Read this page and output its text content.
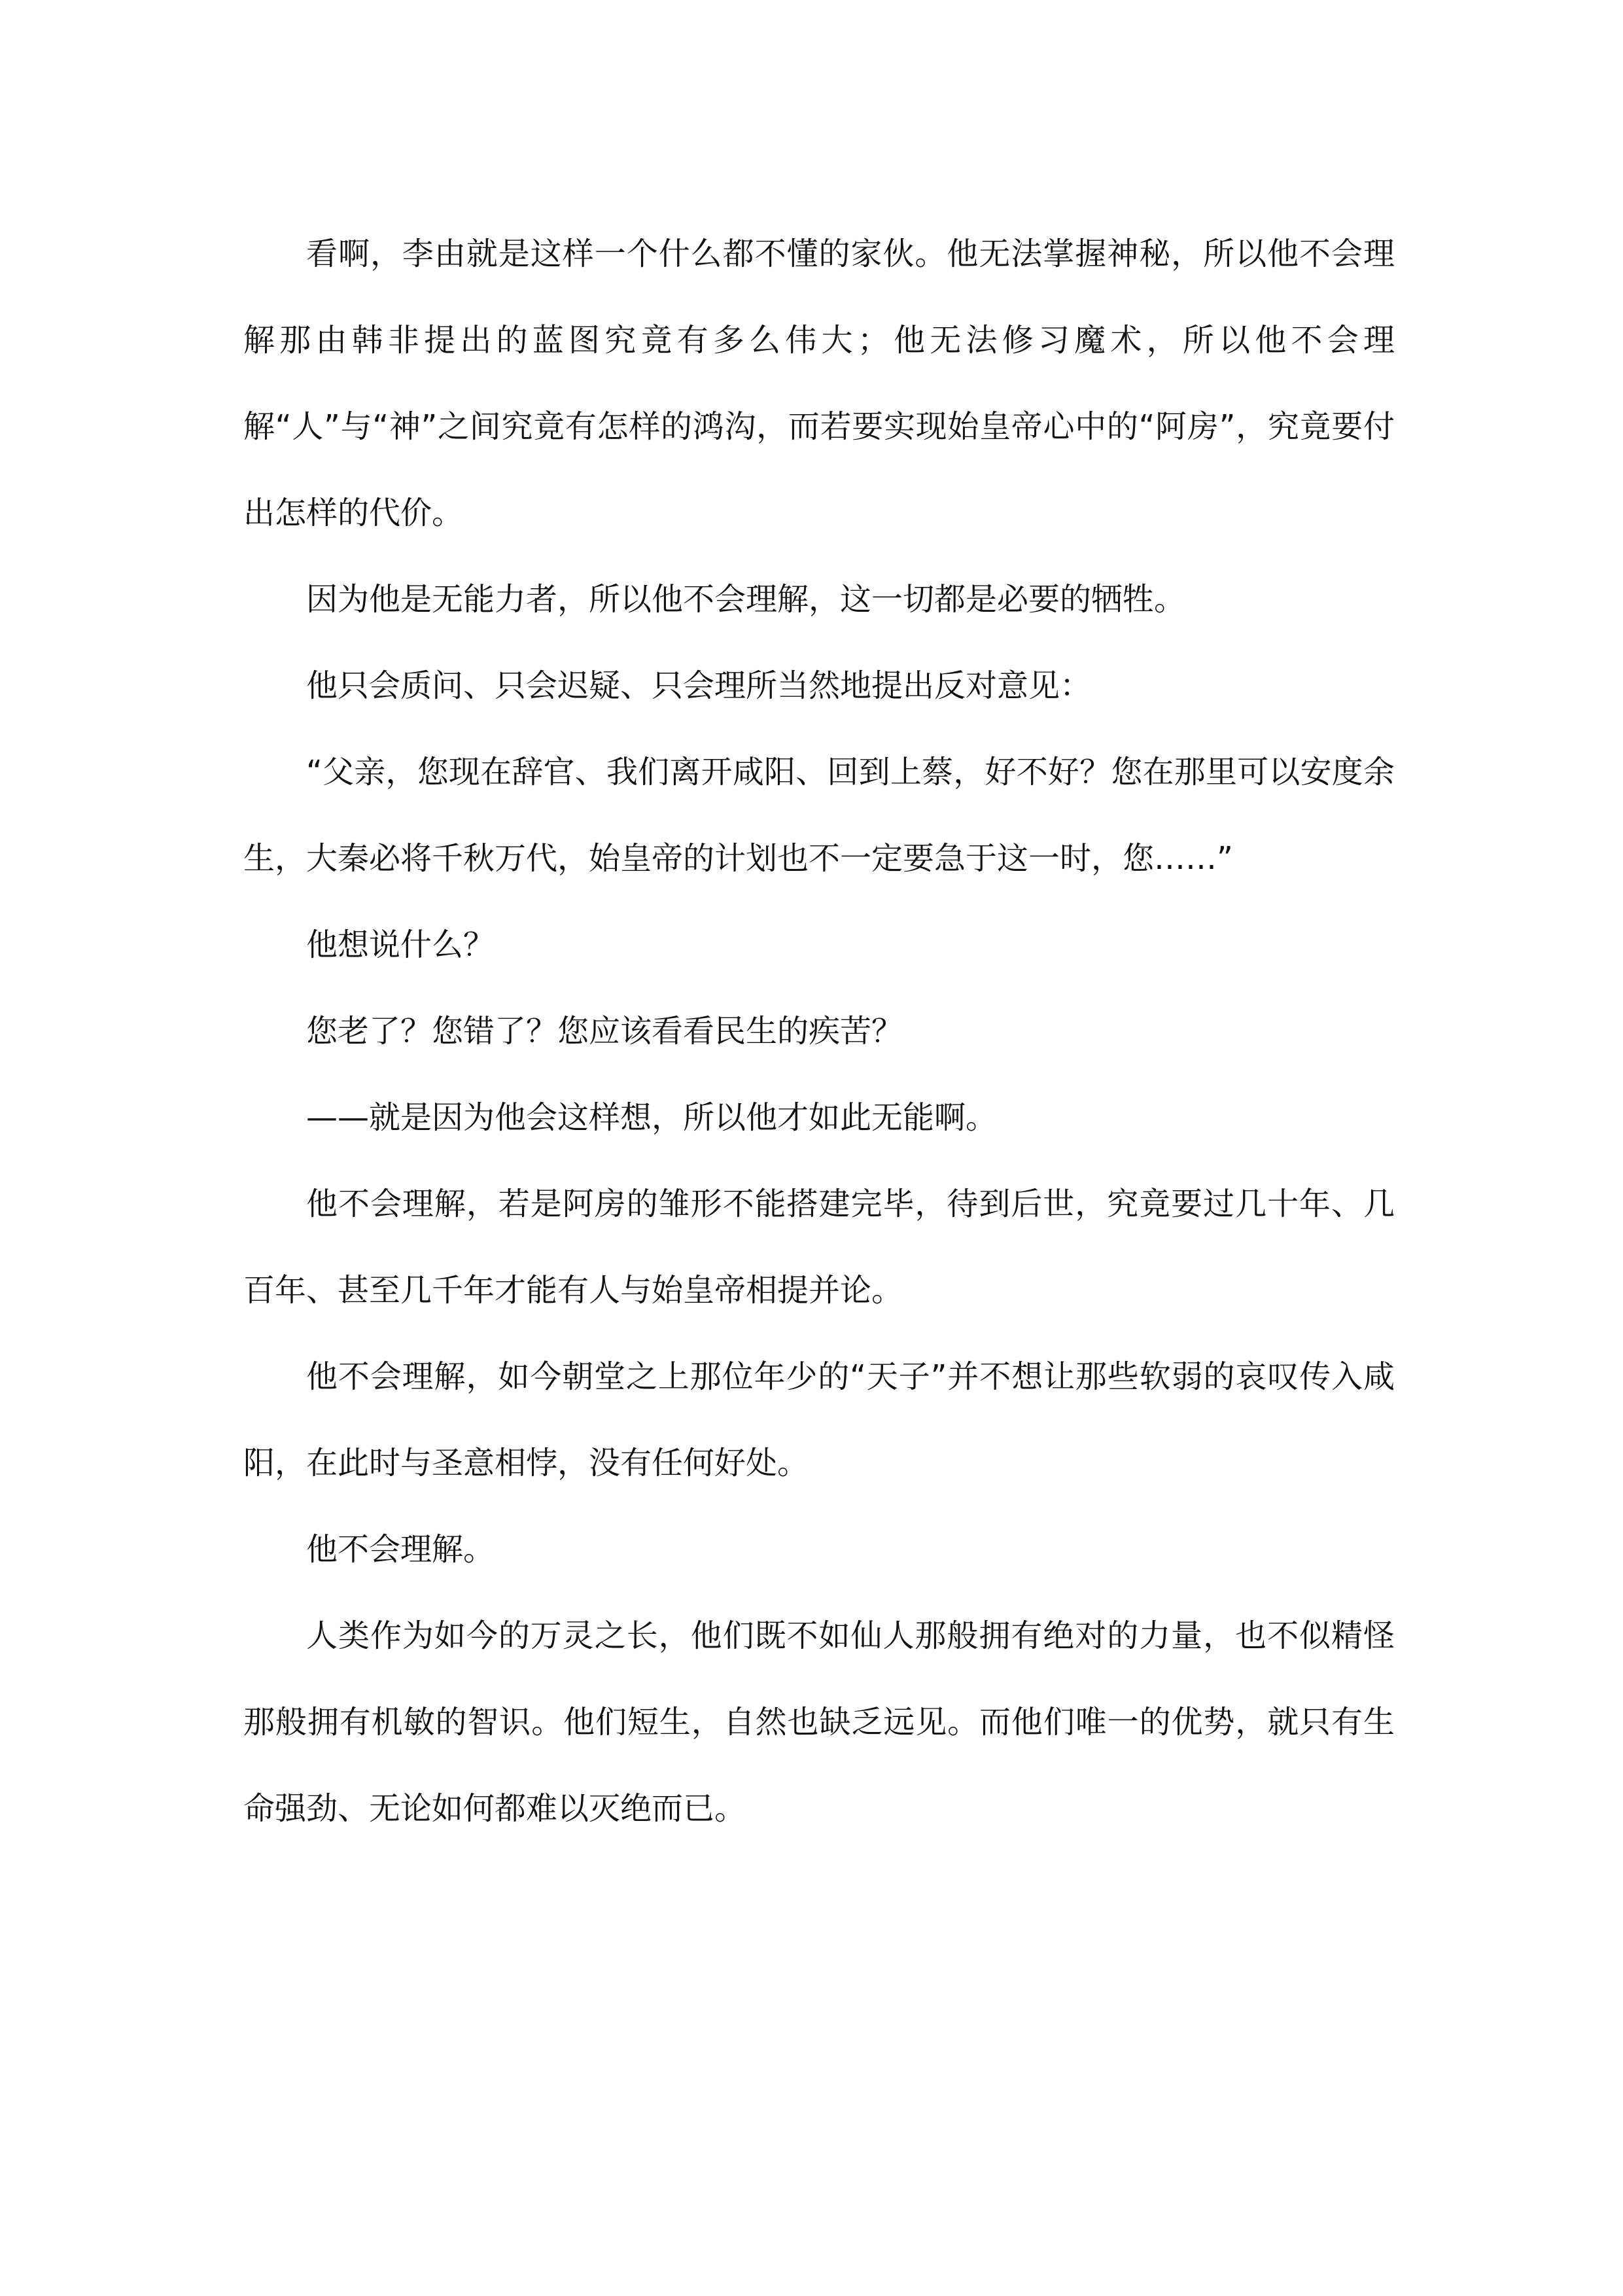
看啊，李由就是这样一个什么都不懂的家伙。他无法掌握神秘，所以他不会理解那由韩非提出的蓝图究竟有多么伟大；他无法修习魔术，所以他不会理解“人”与“神”之间究竟有怎样的鸿沟，而若要实现始皇帝心中的“阿房”，究竟要付出怎样的代价。

因为他是无能力者，所以他不会理解，这一切都是必要的牺牲。

他只会质问、只会迟疑、只会理所当然地提出反对意见：

“父亲，您现在辞官、我们离开咸阳、回到上蔡，好不好？您在那里可以安度余生，大秦必将千秋万代，始皇帝的计划也不一定要急于这一时，您……”

他想说什么？

您老了？您错了？您应该看看民生的疾苦？

——就是因为他会这样想，所以他才如此无能啊。

他不会理解，若是阿房的雏形不能搭建完毕，待到后世，究竟要过几十年、几百年、甚至几千年才能有人与始皇帝相提并论。

他不会理解，如今朝堂之上那位年少的“天子”并不想让那些软弱的哀叹传入咸阳，在此时与圣意相悖，没有任何好处。

他不会理解。

人类作为如今的万灵之长，他们既不如仙人那般拥有绝对的力量，也不似精怪那般拥有机敏的智识。他们短生，自然也缺乏远见。而他们唯一的优势，就只有生命强劲、无论如何都难以灭绝而已。
